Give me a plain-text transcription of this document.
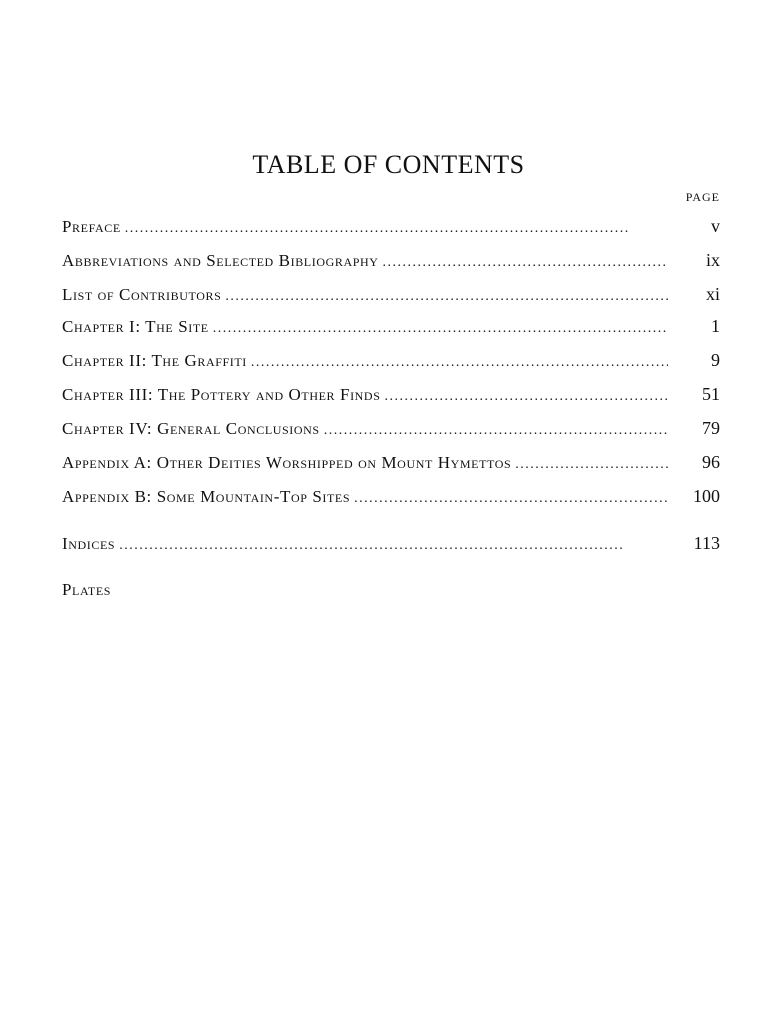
TABLE OF CONTENTS
PAGE
Preface . . .	v
Abbreviations and Selected Bibliography . . .	ix
List of Contributors . . .	xi
Chapter I: The Site . . .	1
Chapter II: The Graffiti . . .	9
Chapter III: The Pottery and Other Finds . . .	51
Chapter IV: General Conclusions . . .	79
Appendix A: Other Deities Worshipped on Mount Hymettos . . .	96
Appendix B: Some Mountain-Top Sites . . .	100
Indices . . .	113
Plates
